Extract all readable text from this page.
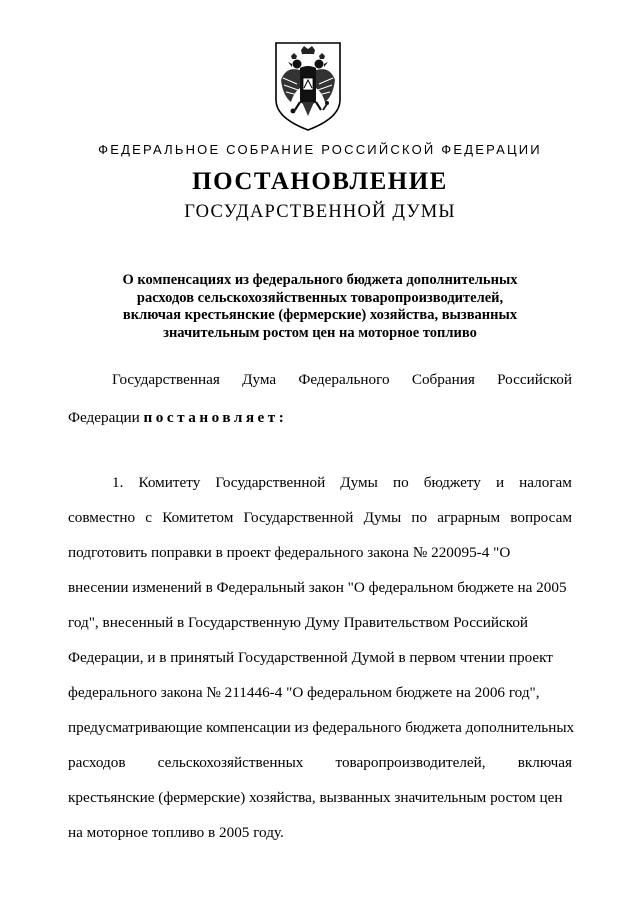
ФЕДЕРАЛЬНОЕ СОБРАНИЕ РОССИЙСКОЙ ФЕДЕРАЦИИ
ПОСТАНОВЛЕНИЕ
ГОСУДАРСТВЕННОЙ ДУМЫ
О компенсациях из федерального бюджета дополнительных
расходов сельскохозяйственных товаропроизводителей,
включая крестьянские (фермерские) хозяйства, вызванных
значительным ростом цен на моторное топливо
Государственная Дума Федерального Собрания Российской
Федерации постановляет:
1. Комитету Государственной Думы по бюджету и налогам
совместно с Комитетом Государственной Думы по аграрным вопросам
подготовить поправки в проект федерального закона № 220095-4 "О
внесении изменений в Федеральный закон "О федеральном бюджете на 2005
год", внесенный в Государственную Думу Правительством Российской
Федерации, и в принятый Государственной Думой в первом чтении проект
федерального закона № 211446-4 "О федеральном бюджете на 2006 год",
предусматривающие компенсации из федерального бюджета дополнительных
расходов сельскохозяйственных товаропроизводителей, включая
крестьянские (фермерские) хозяйства, вызванных значительным ростом цен
на моторное топливо в 2005 году.
